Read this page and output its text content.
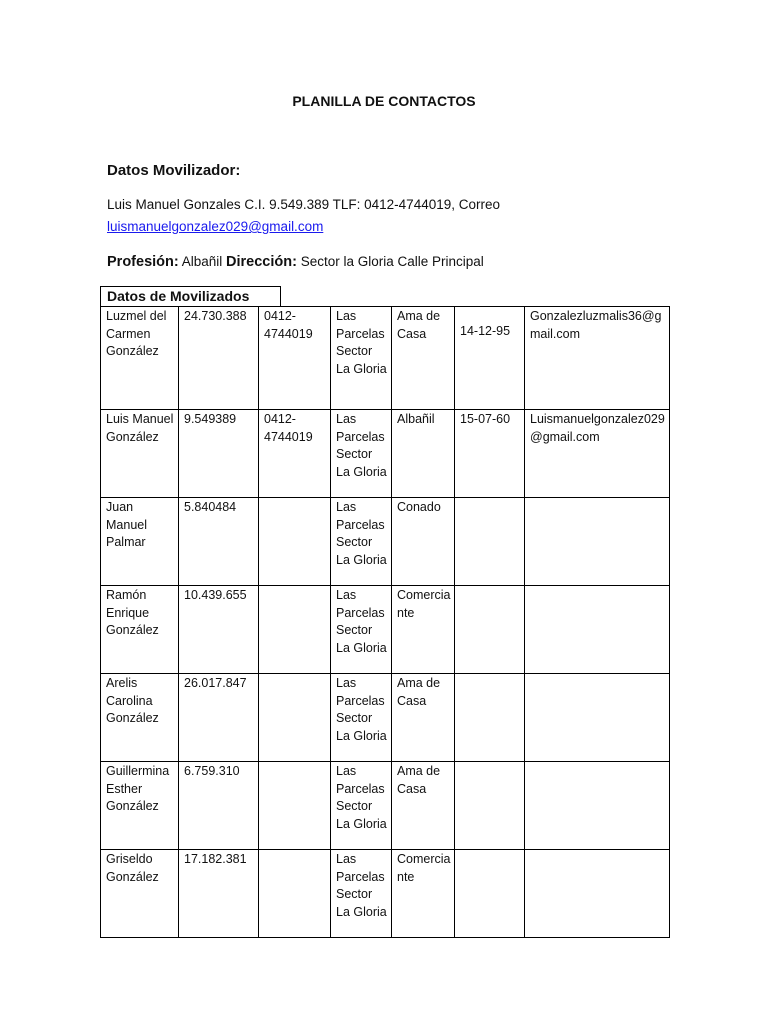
PLANILLA DE CONTACTOS
Datos Movilizador:
Luis Manuel Gonzales C.I. 9.549.389 TLF: 0412-4744019, Correo
luismanuelgonzalez029@gmail.com
Profesión: Albañil Dirección: Sector la Gloria Calle Principal
Datos de Movilizados
Luzmel del Carmen González	24.730.388	0412-4744019	Las Parcelas Sector La Gloria	Ama de Casa	14-12-95	Gonzalezluzmalis36@gmail.com
Luis Manuel González	9.549389	0412-4744019	Las Parcelas Sector La Gloria	Albañil	15-07-60	Luismanuelgonzalez029@gmail.com
Juan Manuel Palmar	5.840484		Las Parcelas Sector La Gloria	Conado		
Ramón Enrique González	10.439.655		Las Parcelas Sector La Gloria	Comerciante		
Arelis Carolina González	26.017.847		Las Parcelas Sector La Gloria	Ama de Casa		
Guillermina Esther González	6.759.310		Las Parcelas Sector La Gloria	Ama de Casa		
Griseldo González	17.182.381		Las Parcelas Sector La Gloria	Comerciante		
